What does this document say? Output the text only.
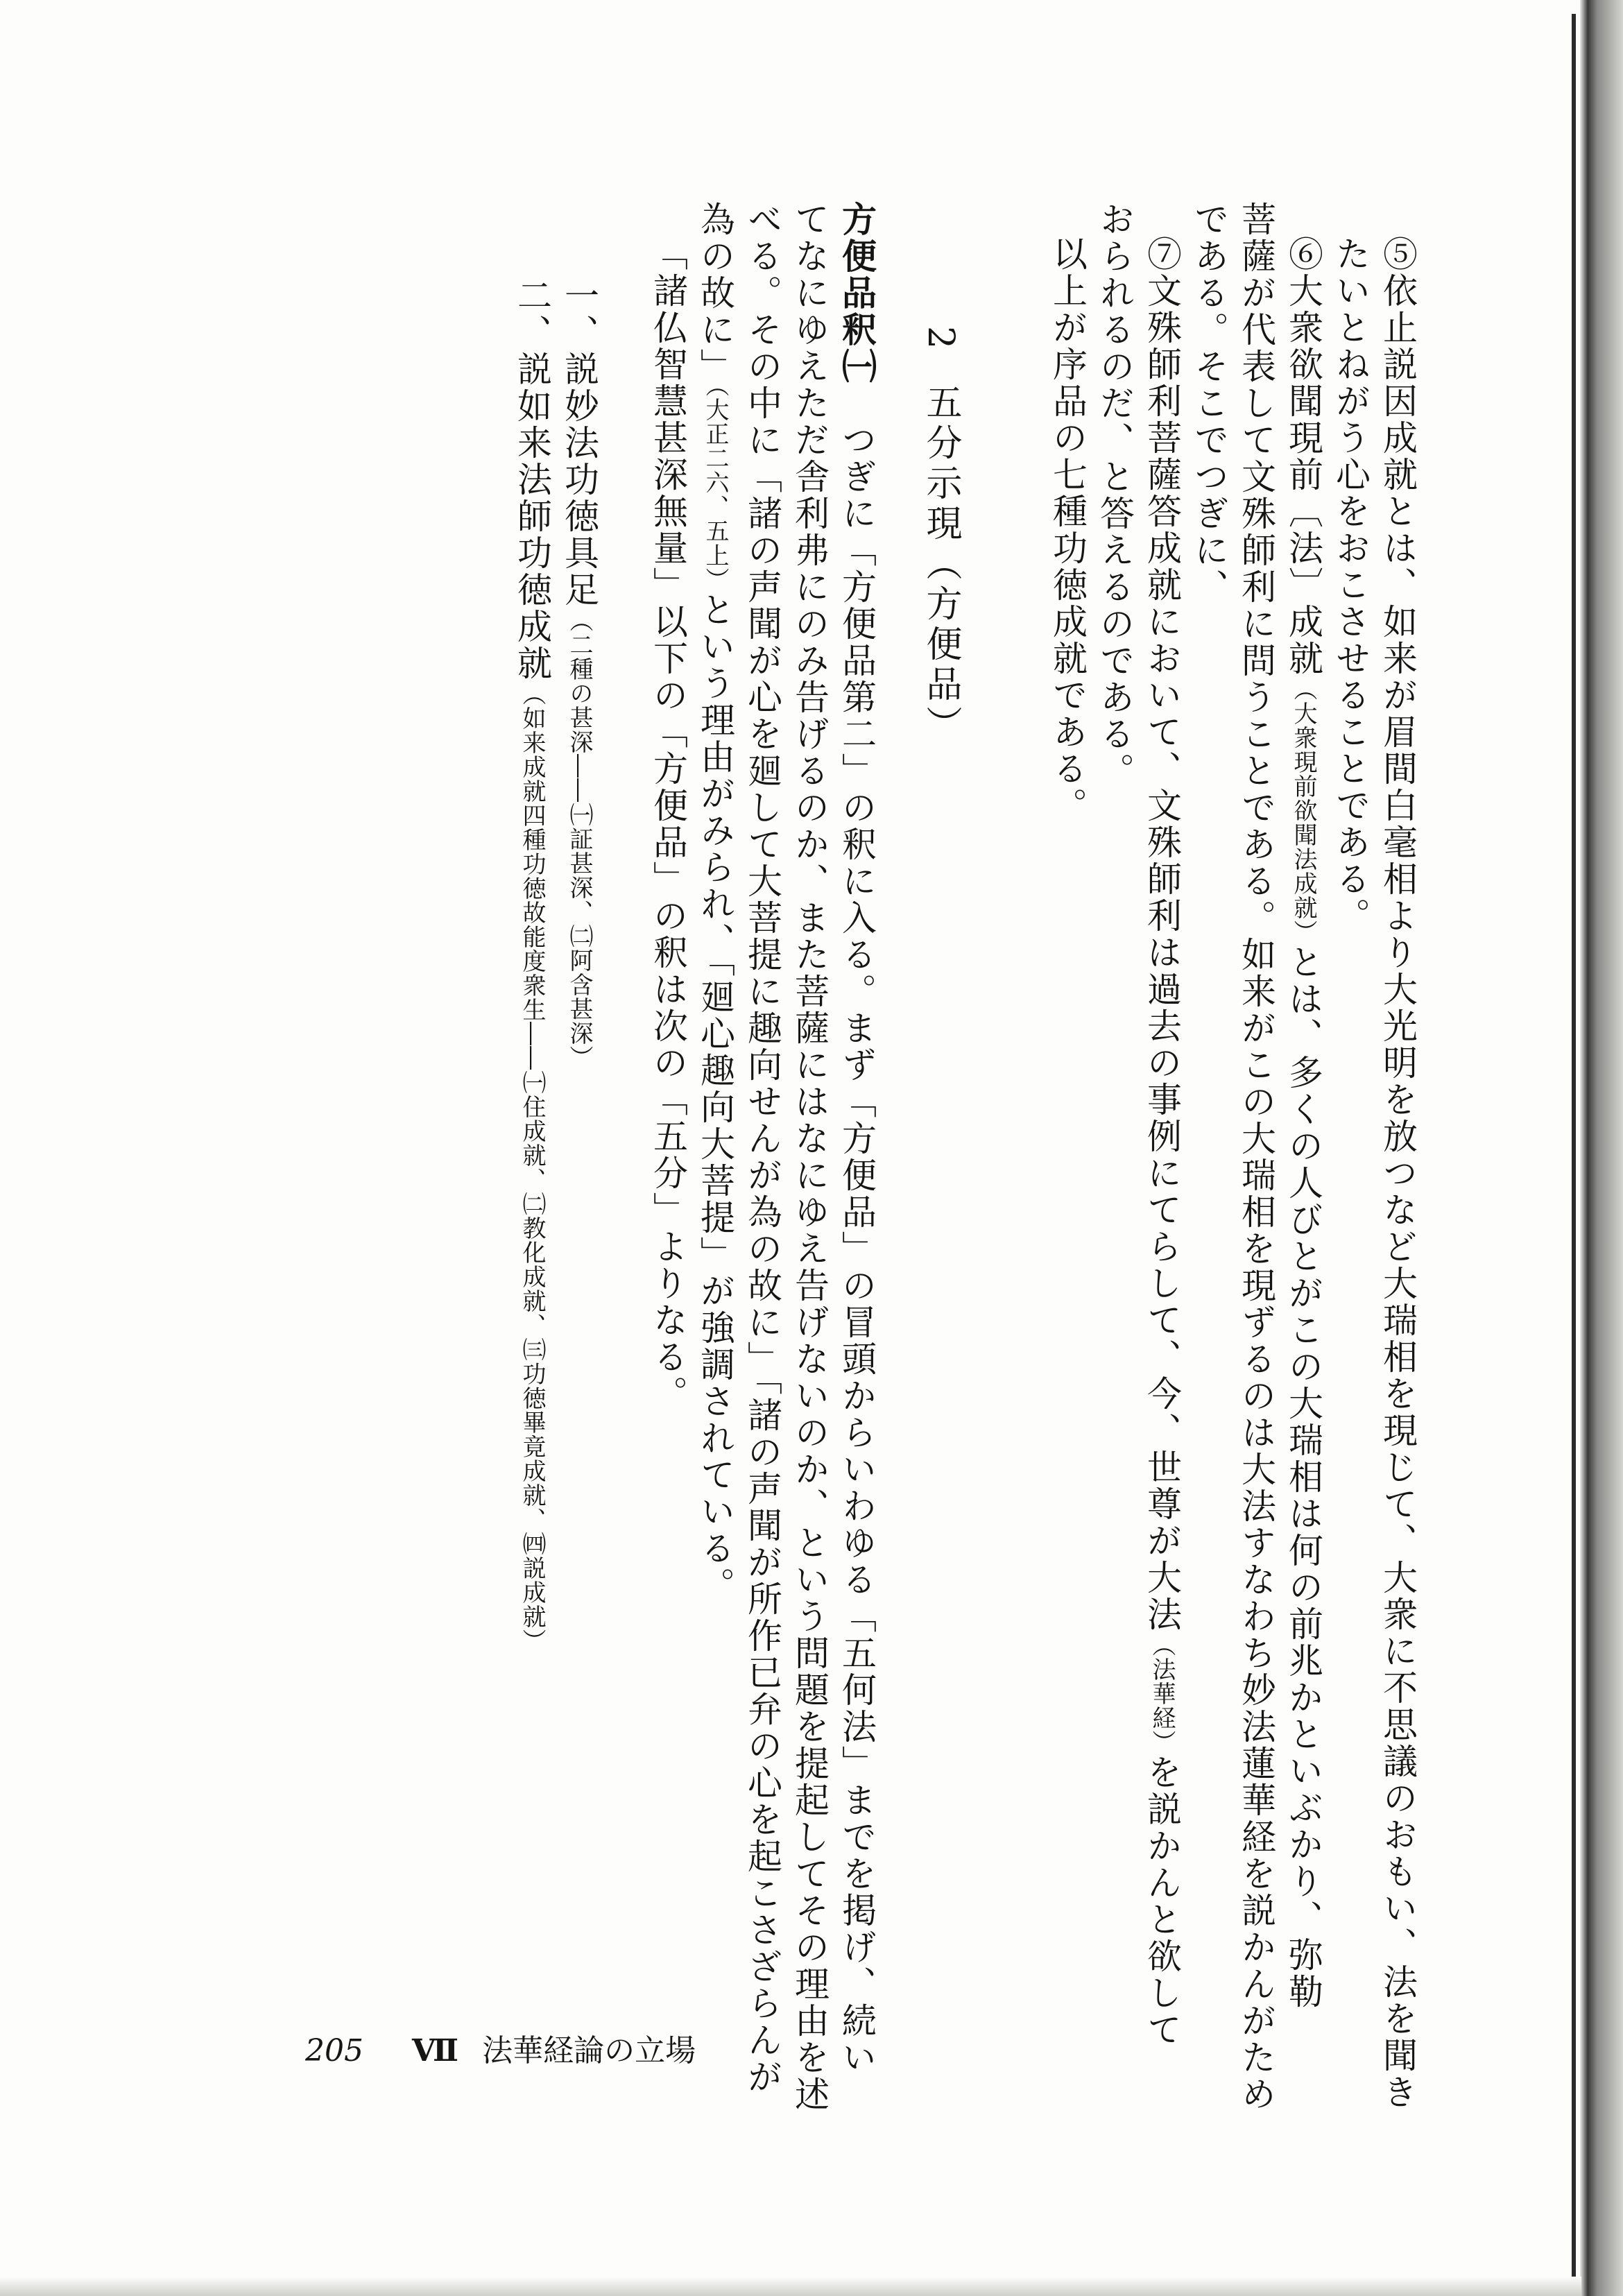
⑤依止説因成就とは、如来が眉間白毫相より大光明を放つなど大瑞相を現じて、大衆に不思議のおもい、法を聞き
たいとねがう心をおこさせることである。
⑥大衆欲聞現前〔法〕成就（大衆現前欲聞法成就）とは、多くの人びとがこの大瑞相は何の前兆かといぶかり、弥勒
菩薩が代表して文殊師利に問うことである。如来がこの大瑞相を現ずるのは大法すなわち妙法蓮華経を説かんがため
である。そこでつぎに、
⑦文殊師利菩薩答成就において、文殊師利は過去の事例にてらして、今、世尊が大法（法華経）を説かんと欲して
おられるのだ、と答えるのである。
以上が序品の七種功徳成就である。
2五分示現（方便品）
方便品釈㈠　つぎに「方便品第二」の釈に入る。まず「方便品」の冒頭からいわゆる「五何法」までを掲げ、続い
てなにゆえただ舎利弗にのみ告げるのか、また菩薩にはなにゆえ告げないのか、という問題を提起してその理由を述
べる。その中に「諸の声聞が心を廻して大菩提に趣向せんが為の故に」「諸の声聞が所作已弁の心を起こさざらんが
為の故に」（大正二六、五上）という理由がみられ、「廻心趣向大菩提」が強調されている。
「諸仏智慧甚深無量」以下の「方便品」の釈は次の「五分」よりなる。
一、説妙法功徳具足（二種の甚深――㈠証甚深、㈡阿含甚深）
二、説如来法師功徳成就（如来成就四種功徳故能度衆生――㈠住成就、㈡教化成就、㈢功徳畢竟成就、㈣説成就）
205 Ⅶ 法華経論の立場
